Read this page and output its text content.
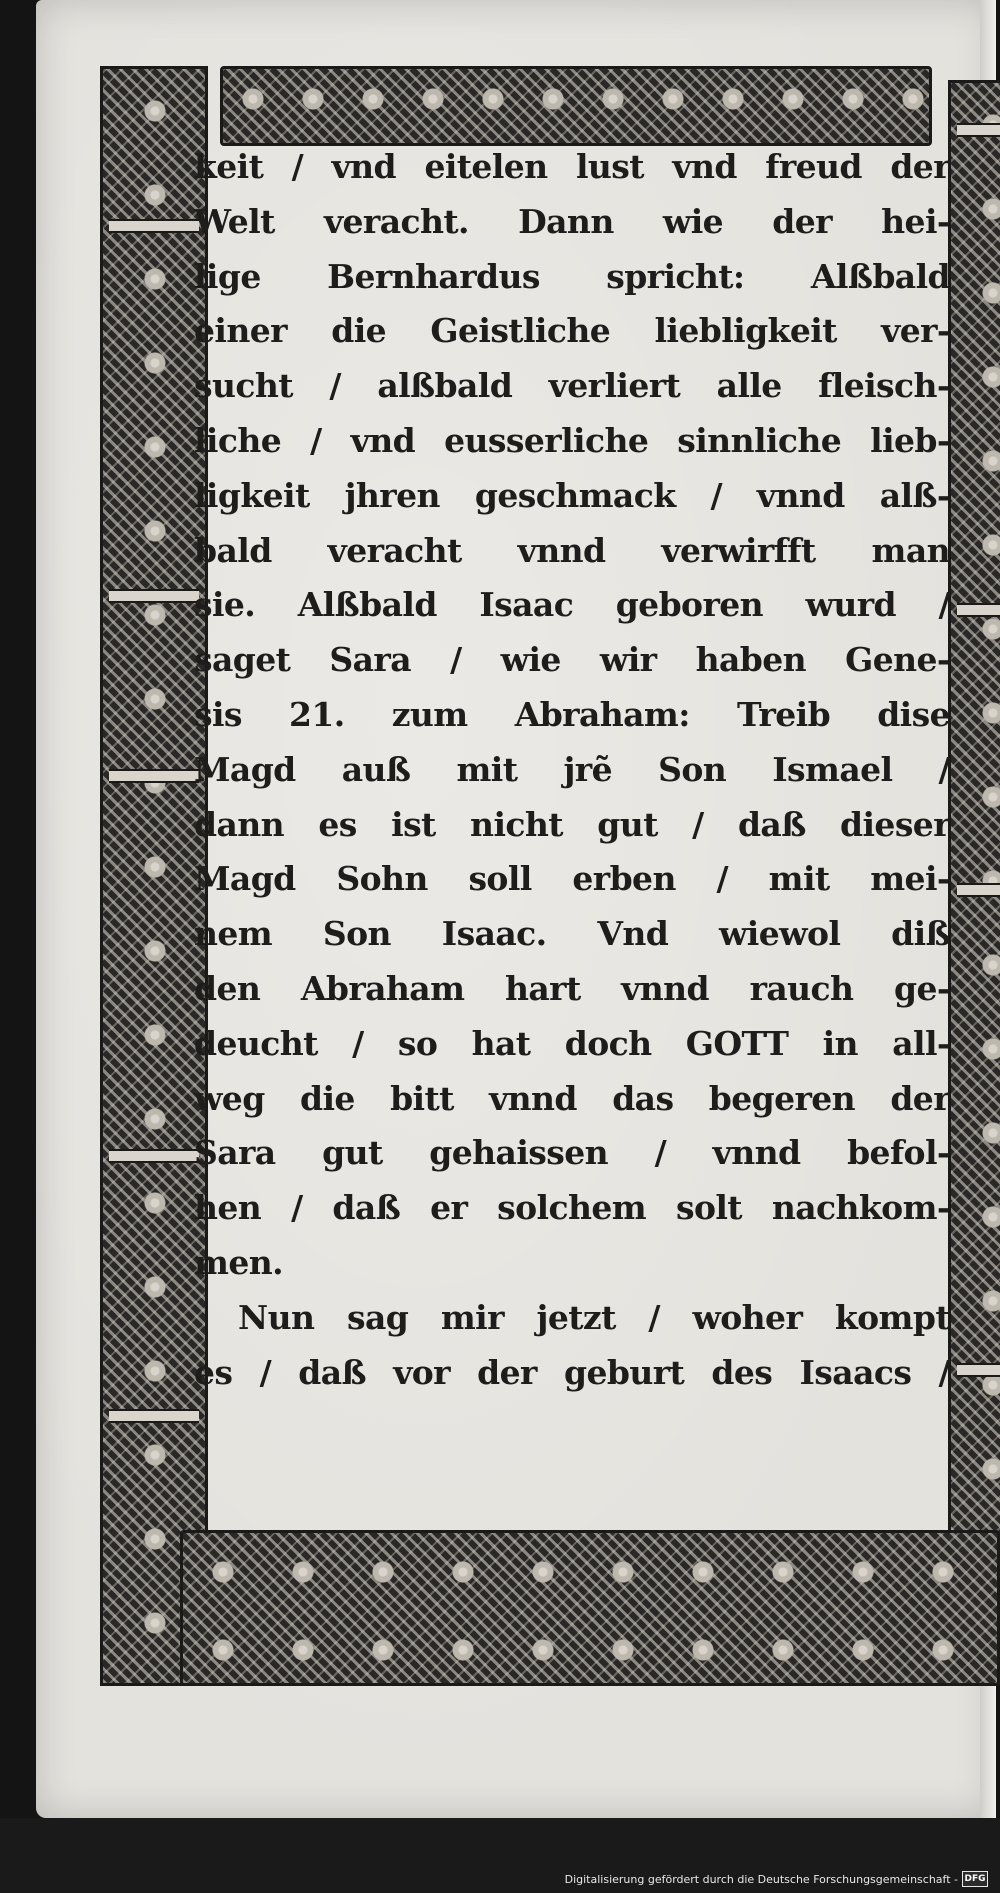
keit / vnd eitelen lust vnd freud der
Welt veracht. Dann wie der hei-
lige Bernhardus spricht: Alßbald
einer die Geistliche liebligkeit ver-
sucht / alßbald verliert alle fleisch-
liche / vnd eusserliche sinnliche lieb-
ligkeit jhren geschmack / vnnd alß-
bald veracht vnnd verwirfft man
sie. Alßbald Isaac geboren wurd /
saget Sara / wie wir haben Gene-
sis 21. zum Abraham: Treib dise
Magd auß mit jrẽ Son Ismael /
dann es ist nicht gut / daß dieser
Magd Sohn soll erben / mit mei-
nem Son Isaac. Vnd wiewol diß
den Abraham hart vnnd rauch ge-
deucht / so hat doch GOTT in all-
weg die bitt vnnd das begeren der
Sara gut gehaissen / vnnd befol-
hen / daß er solchem solt nachkom-
men.
Nun sag mir jetzt / woher kompt
es / daß vor der geburt des Isaacs /
Digitalisierung gefördert durch die Deutsche Forschungsgemeinschaft - DFG
